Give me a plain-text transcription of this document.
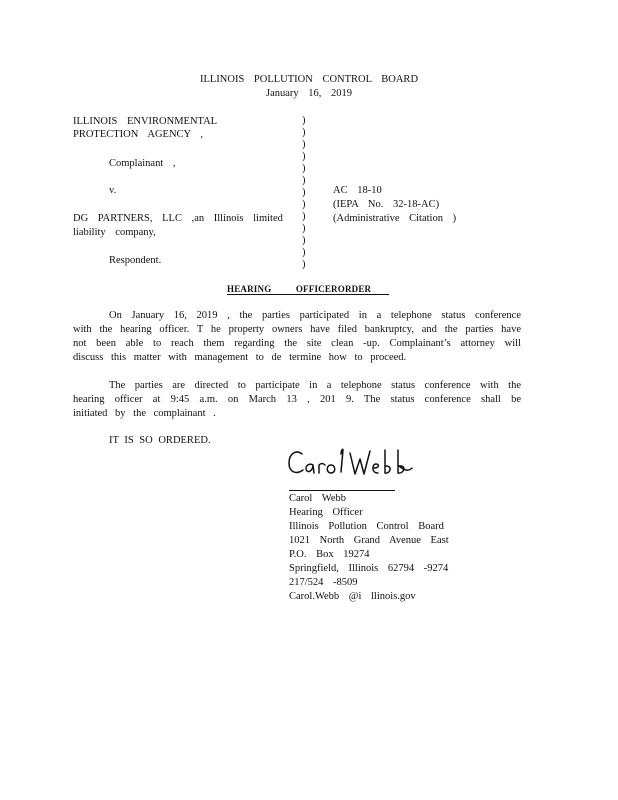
ILLINOIS POLLUTION CONTROL BOARD
January 16, 2019
ILLINOIS ENVIRONMENTAL
PROTECTION AGENCY ,
Complainant ,
v.
DG PARTNERS, LLC ,an Illinois limited
liability company,
Respondent.
)
)
)
)
)
)
)
)
)
)
)
)
)
AC 18-10
(IEPA No. 32-18-AC)
(Administrative Citation )
HEARING OFFICERORDER
On January 16, 2019 , the parties participated in a telephone status conference with the hearing officer. T he property owners have filed bankruptcy, and the parties have not been able to reach them regarding the site clean -up. Complainant’s attorney will discuss this matter with management to de termine how to proceed.
The parties are directed to participate in a telephone status conference with the hearing officer at 9:45 a.m. on March 13 , 201 9. The status conference shall be initiated by the complainant .
IT IS SO ORDERED.
Carol Webb
Hearing Officer
Illinois Pollution Control Board
1021 North Grand Avenue East
P.O. Box 19274
Springfield, Illinois 62794 -9274
217/524 -8509
Carol.Webb @i llinois.gov
